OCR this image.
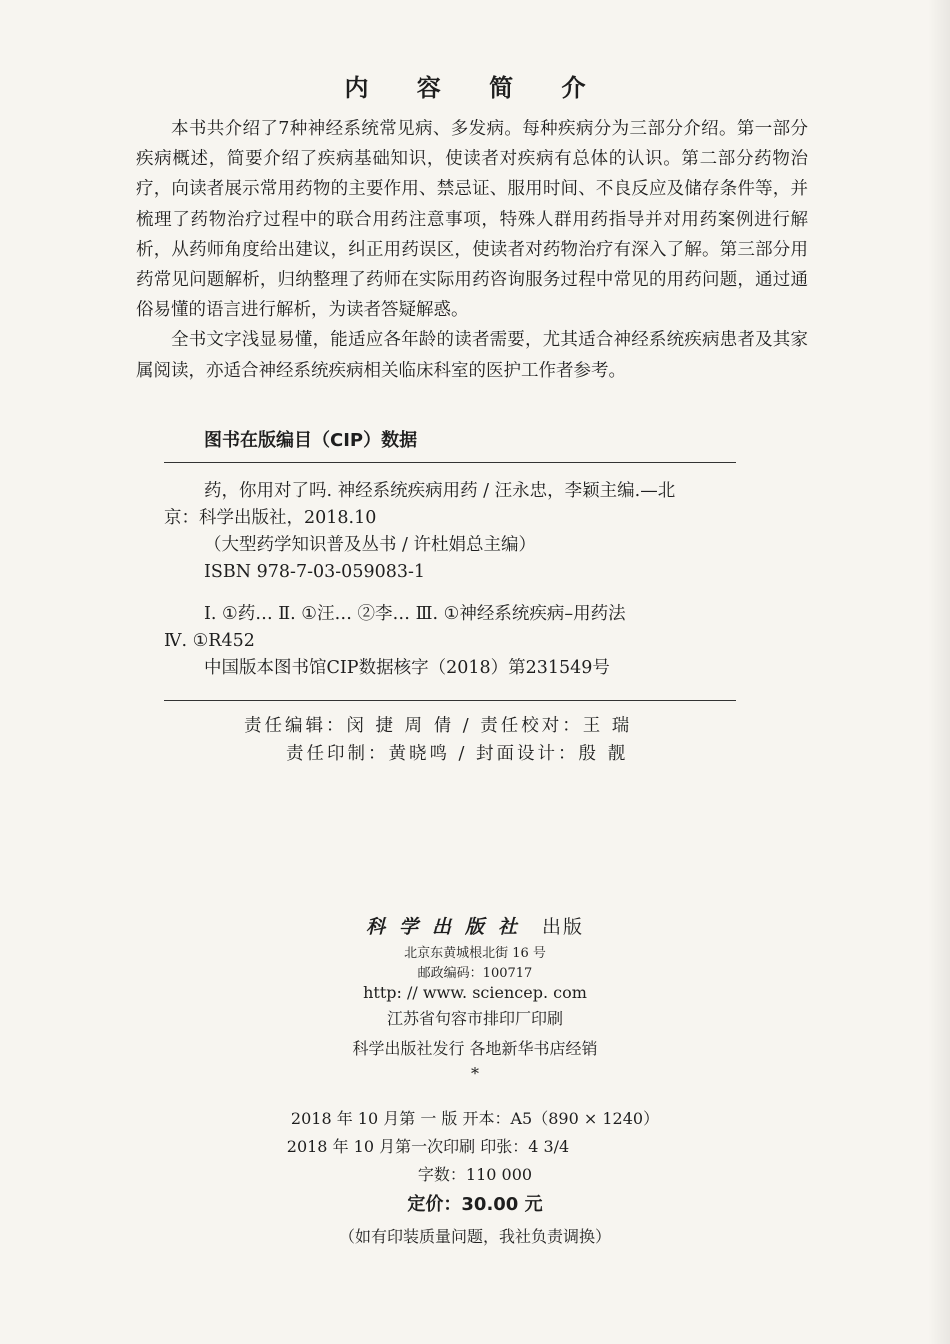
内 容 简 介

本书共介绍了7种神经系统常见病、多发病。每种疾病分为三部分介绍。第一部分疾病概述，简要介绍了疾病基础知识，使读者对疾病有总体的认识。第二部分药物治疗，向读者展示常用药物的主要作用、禁忌证、服用时间、不良反应及储存条件等，并梳理了药物治疗过程中的联合用药注意事项，特殊人群用药指导并对用药案例进行解析，从药师角度给出建议，纠正用药误区，使读者对药物治疗有深入了解。第三部分用药常见问题解析，归纳整理了药师在实际用药咨询服务过程中常见的用药问题，通过通俗易懂的语言进行解析，为读者答疑解惑。

全书文字浅显易懂，能适应各年龄的读者需要，尤其适合神经系统疾病患者及其家属阅读，亦适合神经系统疾病相关临床科室的医护工作者参考。

图书在版编目（CIP）数据
药，你用对了吗. 神经系统疾病用药 / 汪永忠，李颖主编.—北
京：科学出版社，2018.10
（大型药学知识普及丛书 / 许杜娟总主编）
ISBN 978-7-03-059083-1
Ⅰ. ①药… Ⅱ. ①汪… ②李… Ⅲ. ①神经系统疾病–用药法
Ⅳ. ①R452
中国版本图书馆CIP数据核字（2018）第231549号
责任编辑：闵 捷 周 倩 / 责任校对：王 瑞
责任印制：黄晓鸣 / 封面设计：殷 靓
科学出版社 出版
北京东黄城根北街 16 号
邮政编码：100717
http: // www. sciencep. com
江苏省句容市排印厂印刷
科学出版社发行 各地新华书店经销
*
2018 年 10 月第 一 版 开本：A5（890 × 1240）
2018 年 10 月第一次印刷 印张：4 3/4
字数：110 000
定价：30.00 元
（如有印装质量问题，我社负责调换）
